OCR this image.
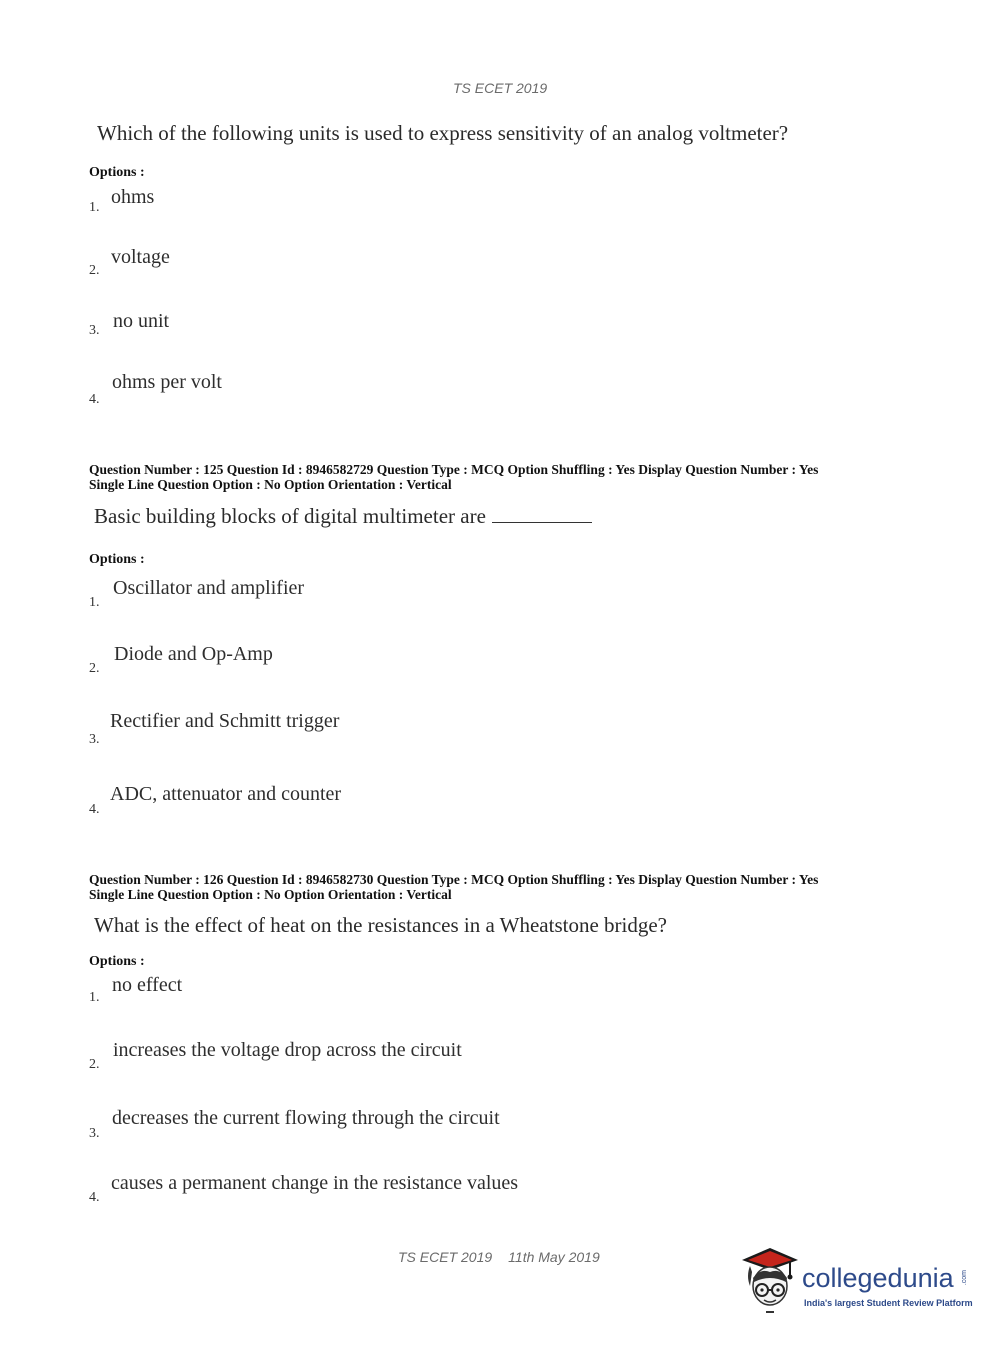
TS ECET 2019
Which of the following units is used to express sensitivity of an analog voltmeter?
Options :
1. ohms
2.
voltage
3. no unit
4.
ohms per volt
Question Number : 125 Question Id : 8946582729 Question Type : MCQ Option Shuffling : Yes Display Question Number : Yes
Single Line Question Option : No Option Orientation : Vertical
Basic building blocks of digital multimeter are
Options :
1.
Oscillator and amplifier
2.
Diode and Op-Amp
3.
Rectifier and Schmitt trigger
4.
ADC, attenuator and counter
Question Number : 126 Question Id : 8946582730 Question Type : MCQ Option Shuffling : Yes Display Question Number : Yes
Single Line Question Option : No Option Orientation : Vertical
What is the effect of heat on the resistances in a Wheatstone bridge?
Options :
1.
no effect
2.
increases the voltage drop across the circuit
3.
decreases the current flowing through the circuit
4.
causes a permanent change in the resistance values
TS ECET 2019 11th May 2019
collegedunia .com
India's largest Student Review Platform
